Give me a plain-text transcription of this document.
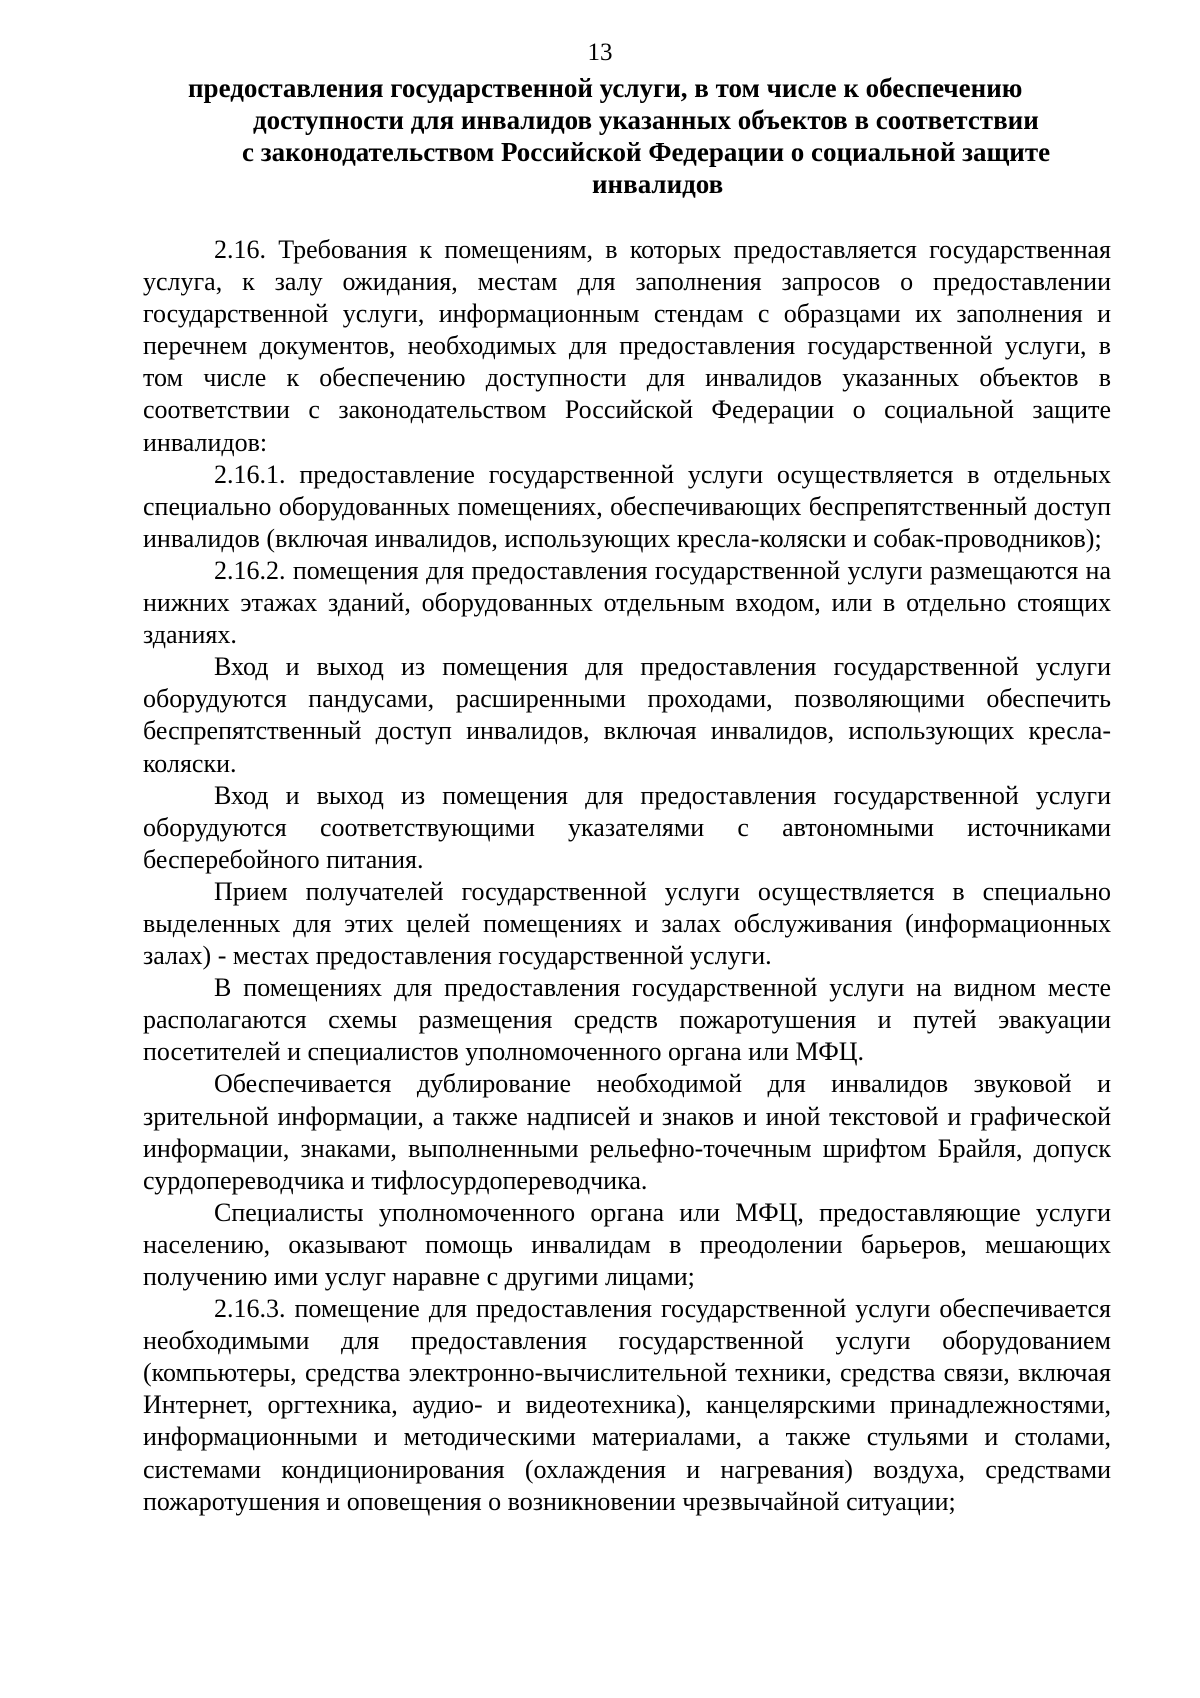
13
предоставления государственной услуги, в том числе к обеспечению
доступности для инвалидов указанных объектов в соответствии
с законодательством Российской Федерации о социальной защите
инвалидов

2.16. Требования к помещениям, в которых предоставляется государственная услуга, к залу ожидания, местам для заполнения запросов о предоставлении государственной услуги, информационным стендам с образцами их заполнения и перечнем документов, необходимых для предоставления государственной услуги, в том числе к обеспечению доступности для инвалидов указанных объектов в соответствии с законодательством Российской Федерации о социальной защите инвалидов:

2.16.1. предоставление государственной услуги осуществляется в отдельных специально оборудованных помещениях, обеспечивающих беспрепятственный доступ инвалидов (включая инвалидов, использующих кресла-коляски и собак-проводников);

2.16.2. помещения для предоставления государственной услуги размещаются на нижних этажах зданий, оборудованных отдельным входом, или в отдельно стоящих зданиях.

Вход и выход из помещения для предоставления государственной услуги оборудуются пандусами, расширенными проходами, позволяющими обеспечить беспрепятственный доступ инвалидов, включая инвалидов, использующих кресла-коляски.

Вход и выход из помещения для предоставления государственной услуги оборудуются соответствующими указателями с автономными источниками бесперебойного питания.

Прием получателей государственной услуги осуществляется в специально выделенных для этих целей помещениях и залах обслуживания (информационных залах) - местах предоставления государственной услуги.

В помещениях для предоставления государственной услуги на видном месте располагаются схемы размещения средств пожаротушения и путей эвакуации посетителей и специалистов уполномоченного органа или МФЦ.

Обеспечивается дублирование необходимой для инвалидов звуковой и зрительной информации, а также надписей и знаков и иной текстовой и графической информации, знаками, выполненными рельефно-точечным шрифтом Брайля, допуск сурдопереводчика и тифлосурдопереводчика.

Специалисты уполномоченного органа или МФЦ, предоставляющие услуги населению, оказывают помощь инвалидам в преодолении барьеров, мешающих получению ими услуг наравне с другими лицами;

2.16.3. помещение для предоставления государственной услуги обеспечивается необходимыми для предоставления государственной услуги оборудованием (компьютеры, средства электронно-вычислительной техники, средства связи, включая Интернет, оргтехника, аудио- и видеотехника), канцелярскими принадлежностями, информационными и методическими материалами, а также стульями и столами, системами кондиционирования (охлаждения и нагревания) воздуха, средствами пожаротушения и оповещения о возникновении чрезвычайной ситуации;
